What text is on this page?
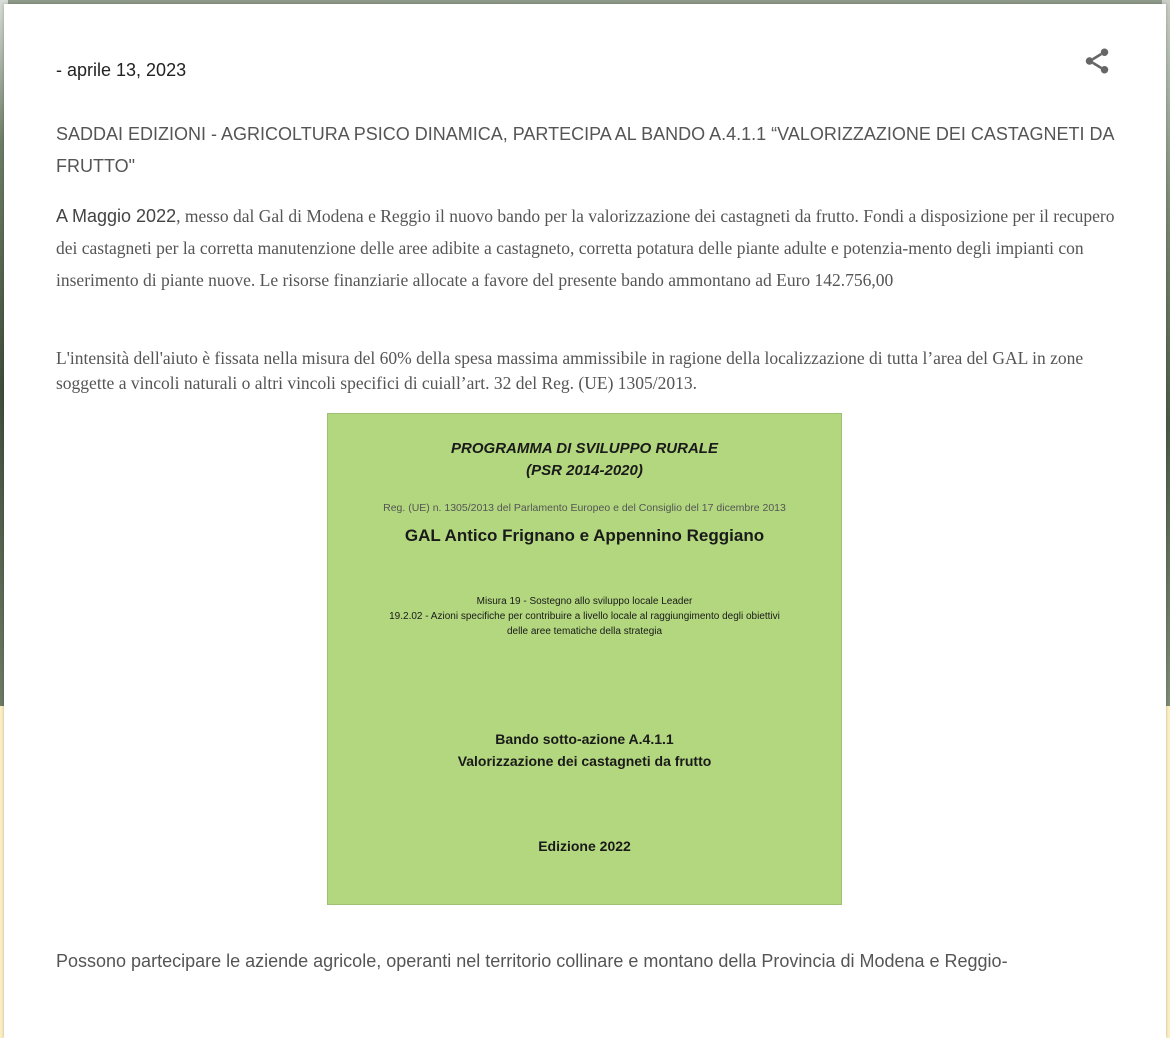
- aprile 13, 2023
SADDAI EDIZIONI - AGRICOLTURA PSICO DINAMICA, PARTECIPA AL BANDO A.4.1.1 “VALORIZZAZIONE DEI CASTAGNETI DA FRUTTO"

A Maggio 2022, messo dal Gal di Modena e Reggio il nuovo bando per la valorizzazione dei castagneti da frutto. Fondi a disposizione per il recupero dei castagneti per la corretta manutenzione delle aree adibite a castagneto, corretta potatura delle piante adulte e potenzia-mento degli impianti con inserimento di piante nuove. Le risorse finanziarie allocate a favore del presente bando ammontano ad Euro 142.756,00

L'intensità dell'aiuto è fissata nella misura del 60% della spesa massima ammissibile in ragione della localizzazione di tutta l’area del GAL in zone soggette a vincoli naturali o altri vincoli specifici di cuiall’art. 32 del Reg. (UE) 1305/2013.

PROGRAMMA DI SVILUPPO RURALE
(PSR 2014-2020)
Reg. (UE) n. 1305/2013 del Parlamento Europeo e del Consiglio del 17 dicembre 2013
GAL Antico Frignano e Appennino Reggiano
Misura 19 - Sostegno allo sviluppo locale Leader
19.2.02 - Azioni specifiche per contribuire a livello locale al raggiungimento degli obiettivi
delle aree tematiche della strategia
Bando sotto-azione A.4.1.1
Valorizzazione dei castagneti da frutto
Edizione 2022

Possono partecipare le aziende agricole, operanti nel territorio collinare e montano della Provincia di Modena e Reggio-
